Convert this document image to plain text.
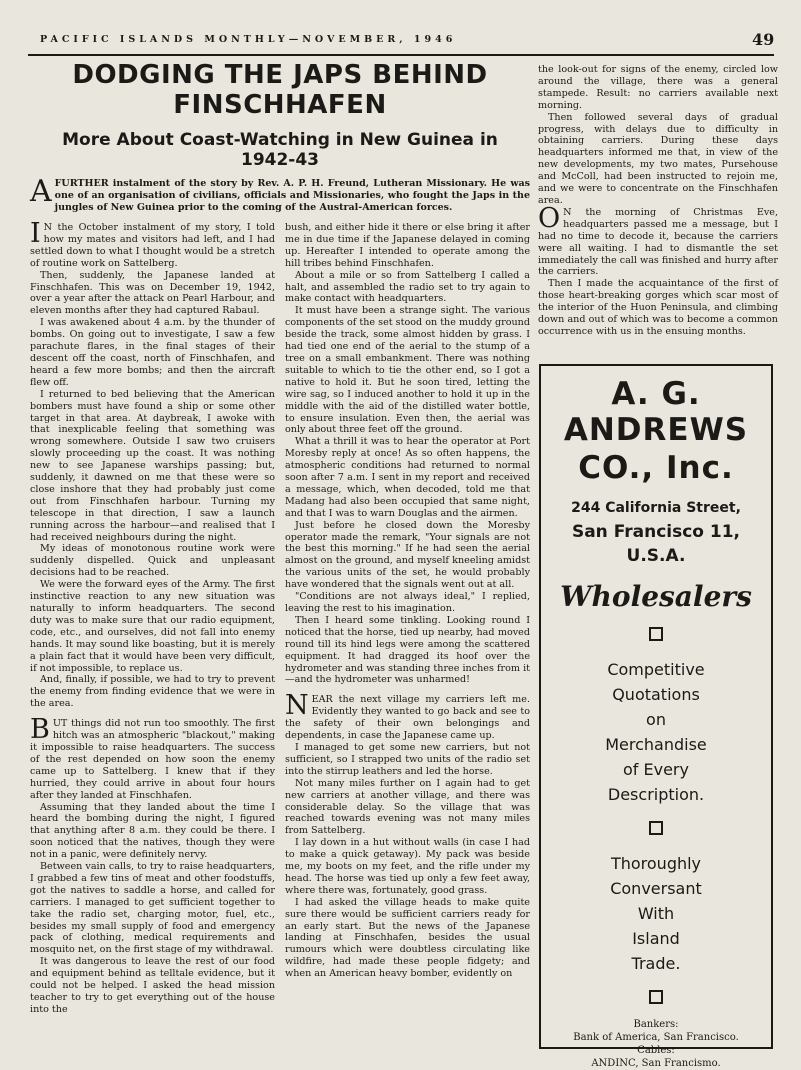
PACIFIC ISLANDS MONTHLY—NOVEMBER, 1946	49
DODGING THE JAPS BEHIND
FINSCHHAFEN
More About Coast-Watching in New Guinea in
1942-43
AFURTHER instalment of the story by Rev. A. P. H. Freund, Lutheran Missionary. He was one of an organisation of civilians, officials and Missionaries, who fought the Japs in the jungles of New Guinea prior to the coming of the Austral-American forces.

I N the October instalment of my story, I told how my mates and visitors had left, and I had settled down to what I thought would be a stretch of routine work on Sattelberg.

Then, suddenly, the Japanese landed at Finschhafen. This was on December 19, 1942, over a year after the attack on Pearl Harbour, and eleven months after they had captured Rabaul.

I was awakened about 4 a.m. by the thunder of bombs. On going out to investigate, I saw a few parachute flares, in the final stages of their descent off the coast, north of Finschhafen, and heard a few more bombs; and then the aircraft flew off.

I returned to bed believing that the American bombers must have found a ship or some other target in that area. At daybreak, I awoke with that inexplicable feeling that something was wrong somewhere. Outside I saw two cruisers slowly proceeding up the coast. It was nothing new to see Japanese warships passing; but, suddenly, it dawned on me that these were so close inshore that they had probably just come out from Finschhafen harbour. Turning my telescope in that direction, I saw a launch running across the harbour—and realised that I had received neighbours during the night.

My ideas of monotonous routine work were suddenly dispelled. Quick and unpleasant decisions had to be reached.

We were the forward eyes of the Army. The first instinctive reaction to any new situation was naturally to inform headquarters. The second duty was to make sure that our radio equipment, code, etc., and ourselves, did not fall into enemy hands. It may sound like boasting, but it is merely a plain fact that it would have been very difficult, if not impossible, to replace us.

And, finally, if possible, we had to try to prevent the enemy from finding evidence that we were in the area.

BUT things did not run too smoothly. The first hitch was an atmospheric "blackout," making it impossible to raise headquarters. The success of the rest depended on how soon the enemy came up to Sattelberg. I knew that if they hurried, they could arrive in about four hours after they landed at Finschhafen.

Assuming that they landed about the time I heard the bombing during the night, I figured that anything after 8 a.m. they could be there. I soon noticed that the natives, though they were not in a panic, were definitely nervy.

Between vain calls, to try to raise headquarters, I grabbed a few tins of meat and other foodstuffs, got the natives to saddle a horse, and called for carriers. I managed to get sufficient together to take the radio set, charging motor, fuel, etc., besides my small supply of food and emergency pack of clothing, medical requirements and mosquito net, on the first stage of my withdrawal.

It was dangerous to leave the rest of our food and equipment behind as telltale evidence, but it could not be helped. I asked the head mission teacher to try to get everything out of the house into the

bush, and either hide it there or else bring it after me in due time if the Japanese delayed in coming up. Hereafter I intended to operate among the hill tribes behind Finschhafen.

About a mile or so from Sattelberg I called a halt, and assembled the radio set to try again to make contact with headquarters.

It must have been a strange sight. The various components of the set stood on the muddy ground beside the track, some almost hidden by grass. I had tied one end of the aerial to the stump of a tree on a small embankment. There was nothing suitable to which to tie the other end, so I got a native to hold it. But he soon tired, letting the wire sag, so I induced another to hold it up in the middle with the aid of the distilled water bottle, to ensure insulation. Even then, the aerial was only about three feet off the ground.

What a thrill it was to hear the operator at Port Moresby reply at once! As so often happens, the atmospheric conditions had returned to normal soon after 7 a.m. I sent in my report and received a message, which, when decoded, told me that Madang had also been occupied that same night, and that I was to warn Douglas and the airmen.

Just before he closed down the Moresby operator made the remark, "Your signals are not the best this morning." If he had seen the aerial almost on the ground, and myself kneeling amidst the various units of the set, he would probably have wondered that the signals went out at all.

"Conditions are not always ideal," I replied, leaving the rest to his imagination.

Then I heard some tinkling. Looking round I noticed that the horse, tied up nearby, had moved round till its hind legs were among the scattered equipment. It had dragged its hoof over the hydrometer and was standing three inches from it—and the hydrometer was unharmed!

NEAR the next village my carriers left me. Evidently they wanted to go back and see to the safety of their own belongings and dependents, in case the Japanese came up.

I managed to get some new carriers, but not sufficient, so I strapped two units of the radio set into the stirrup leathers and led the horse.

Not many miles further on I again had to get new carriers at another village, and there was considerable delay. So the village that was reached towards evening was not many miles from Sattelberg.

I lay down in a hut without walls (in case I had to make a quick getaway). My pack was beside me, my boots on my feet, and the rifle under my head. The horse was tied up only a few feet away, where there was, fortunately, good grass.

I had asked the village heads to make quite sure there would be sufficient carriers ready for an early start. But the news of the Japanese landing at Finschhafen, besides the usual rumours which were doubtless circulating like wildfire, had made these people fidgety; and when an American heavy bomber, evidently on

the look-out for signs of the enemy, circled low around the village, there was a general stampede. Result: no carriers available next morning.

Then followed several days of gradual progress, with delays due to difficulty in obtaining carriers. During these days headquarters informed me that, in view of the new developments, my two mates, Pursehouse and McColl, had been instructed to rejoin me, and we were to concentrate on the Finschhafen area.

O N the morning of Christmas Eve, headquarters passed me a message, but I had no time to decode it, because the carriers were all waiting. I had to dismantle the set immediately the call was finished and hurry after the carriers.

Then I made the acquaintance of the first of those heart-breaking gorges which scar most of the interior of the Huon Peninsula, and climbing down and out of which was to become a common occurrence with us in the ensuing months.

A. G. ANDREWS
CO., Inc.
244 California Street,
San Francisco 11,
U.S.A.
Wholesalers
Competitive
Quotations
on
Merchandise
of Every
Description.
Thoroughly
Conversant
With
Island
Trade.
Bankers:
Bank of America, San Francisco.
Cables:
ANDINC, San Francismo.
